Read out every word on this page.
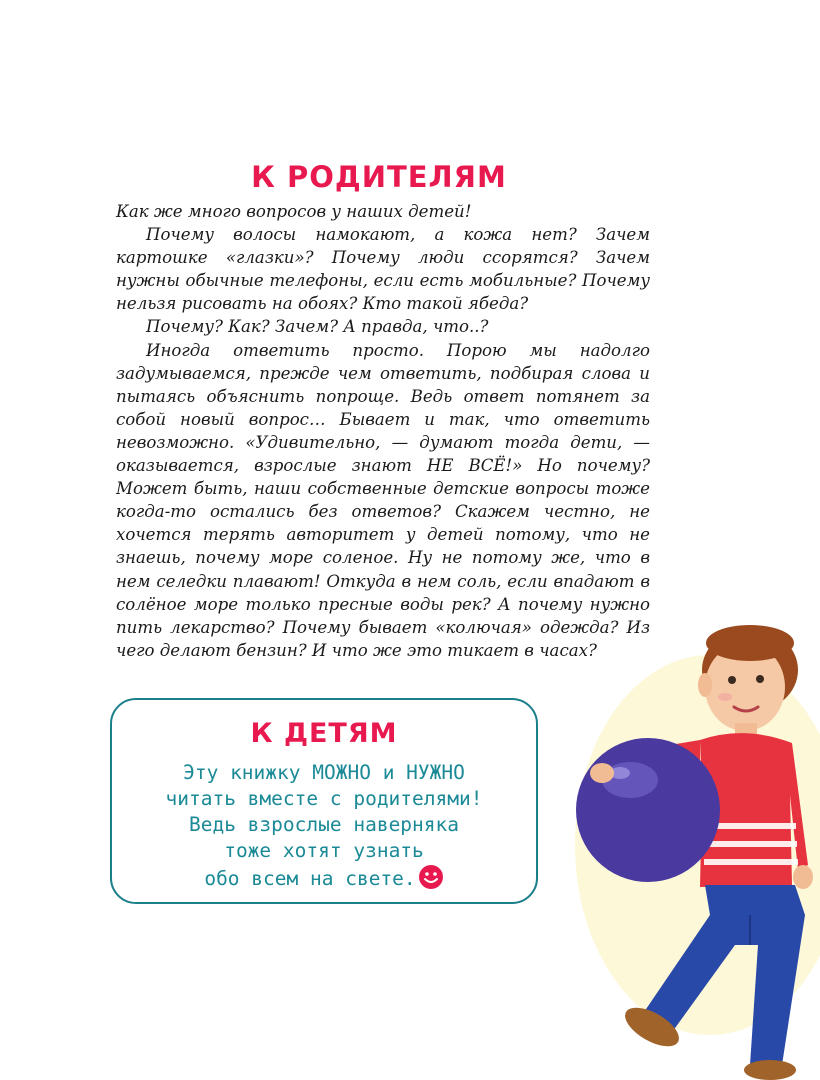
К РОДИТЕЛЯМ

Как же много вопросов у наших детей!

Почему волосы намокают, а кожа нет? Зачем картошке «глазки»? Почему люди ссорятся? Зачем нужны обычные телефоны, если есть мобильные? Почему нельзя рисовать на обоях? Кто такой ябеда?

Почему? Как? Зачем? А правда, что..?

Иногда ответить просто. Порою мы надолго задумываемся, прежде чем ответить, подбирая слова и пытаясь объяснить попроще. Ведь ответ потянет за собой новый вопрос… Бывает и так, что ответить невозможно. «Удивительно, — думают тогда дети, — оказывается, взрослые знают НЕ ВСЁ!» Но почему? Может быть, наши собственные детские вопросы тоже когда-то остались без ответов? Скажем честно, не хочется терять авторитет у детей потому, что не знаешь, почему море соленое. Ну не потому же, что в нем селедки плавают! Откуда в нем соль, если впадают в солёное море только пресные воды рек? А почему нужно пить лекарство? Почему бывает «колючая» одежда? Из чего делают бензин? И что же это тикает в часах?

К ДЕТЯМ
Эту книжку МОЖНО и НУЖНО
читать вместе с родителями!
Ведь взрослые наверняка
тоже хотят узнать
обо всем на свете.
